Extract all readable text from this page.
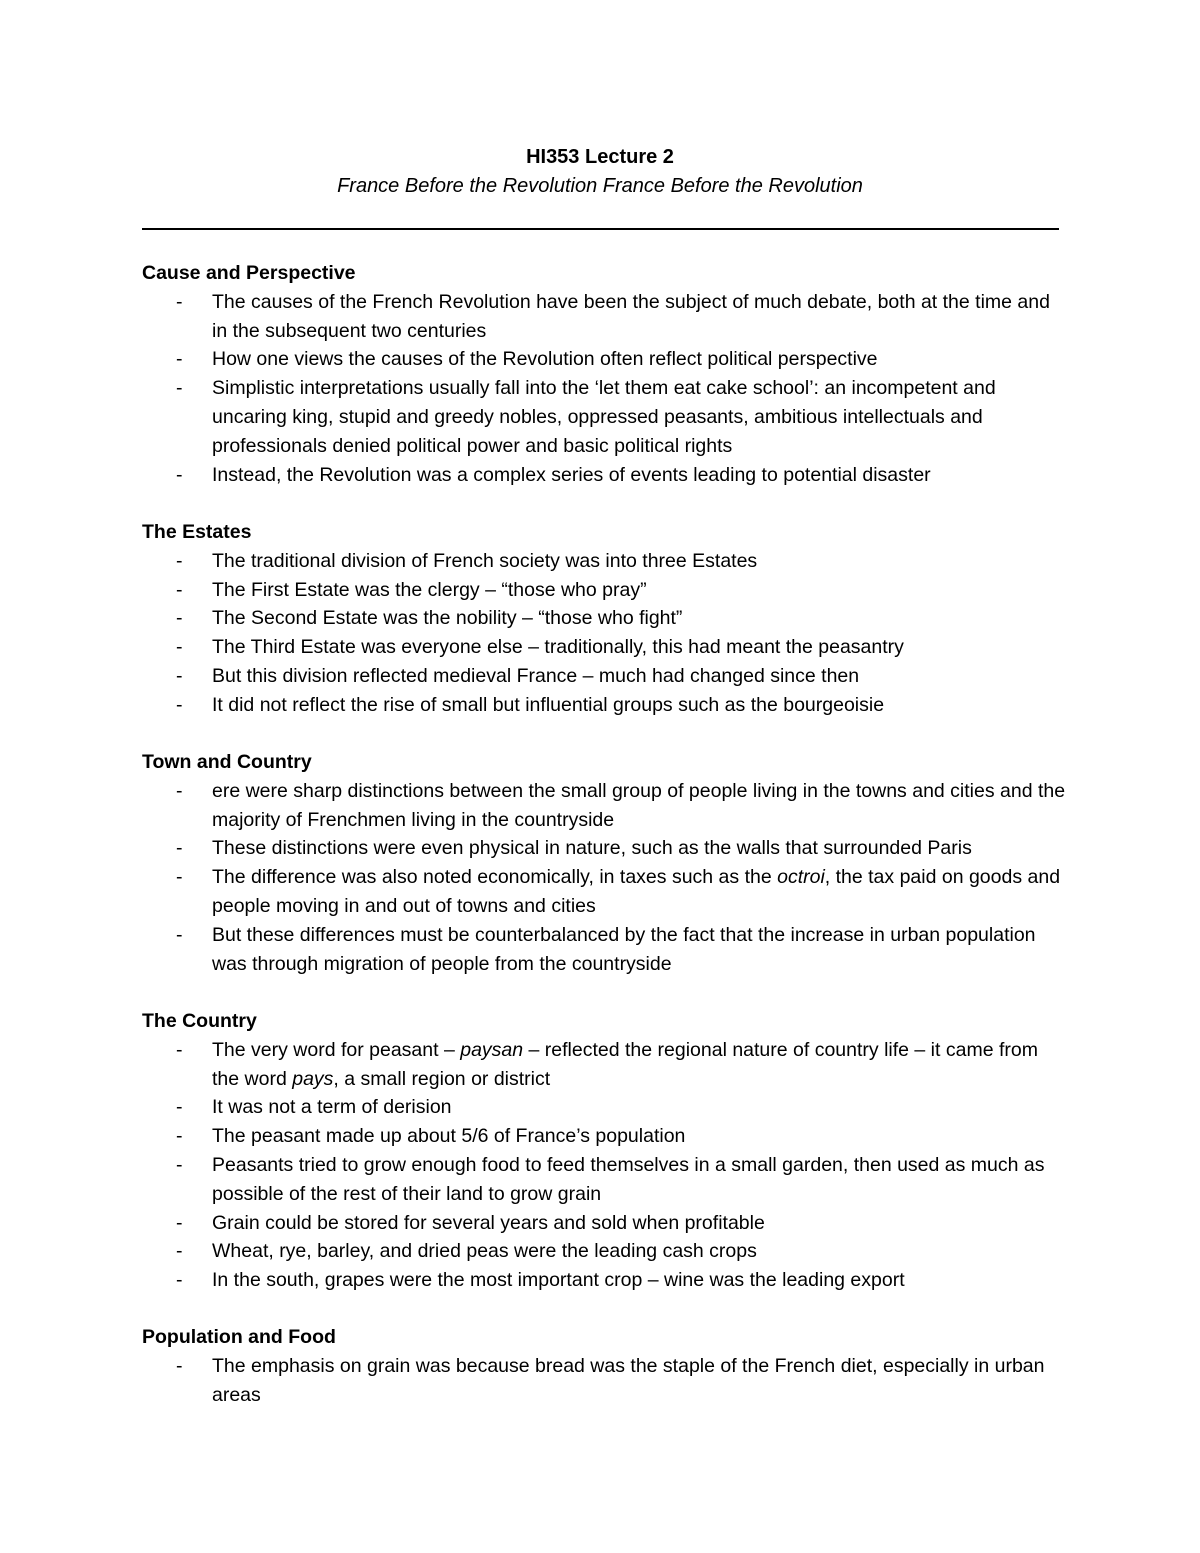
HI353 Lecture 2
France Before the Revolution France Before the Revolution
Cause and Perspective
- The causes of the French Revolution have been the subject of much debate, both at the time and in the subsequent two centuries
- How one views the causes of the Revolution often reflect political perspective
- Simplistic interpretations usually fall into the ‘let them eat cake school’: an incompetent and uncaring king, stupid and greedy nobles, oppressed peasants, ambitious intellectuals and professionals denied political power and basic political rights
- Instead, the Revolution was a complex series of events leading to potential disaster
The Estates
- The traditional division of French society was into three Estates
- The First Estate was the clergy – “those who pray”
- The Second Estate was the nobility – “those who fight”
- The Third Estate was everyone else – traditionally, this had meant the peasantry
- But this division reflected medieval France – much had changed since then
- It did not reflect the rise of small but influential groups such as the bourgeoisie
Town and Country
- ere were sharp distinctions between the small group of people living in the towns and cities and the majority of Frenchmen living in the countryside
- These distinctions were even physical in nature, such as the walls that surrounded Paris
- The difference was also noted economically, in taxes such as the octroi, the tax paid on goods and people moving in and out of towns and cities
- But these differences must be counterbalanced by the fact that the increase in urban population was through migration of people from the countryside
The Country
- The very word for peasant – paysan – reflected the regional nature of country life – it came from the word pays, a small region or district
- It was not a term of derision
- The peasant made up about 5/6 of France’s population
- Peasants tried to grow enough food to feed themselves in a small garden, then used as much as possible of the rest of their land to grow grain
- Grain could be stored for several years and sold when profitable
- Wheat, rye, barley, and dried peas were the leading cash crops
- In the south, grapes were the most important crop – wine was the leading export
Population and Food
- The emphasis on grain was because bread was the staple of the French diet, especially in urban areas
